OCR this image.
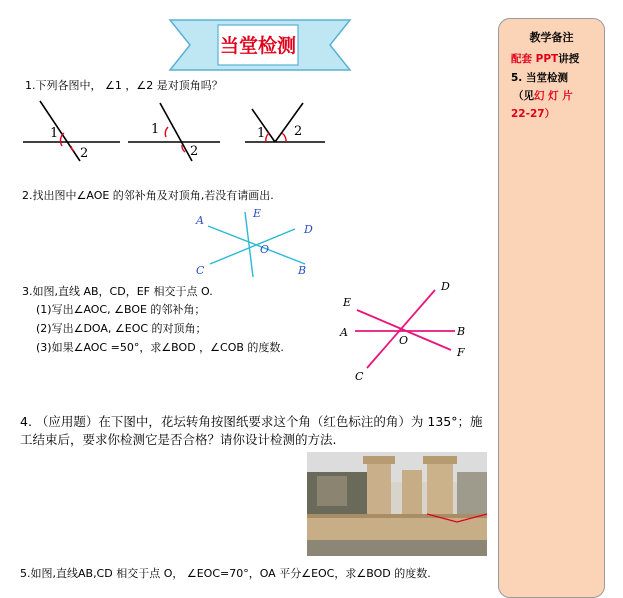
当堂检测
1.下列各图中， ∠1 ，∠2 是对顶角吗？
1
2
1
2
1 2
2.找出图中∠AOE 的邻补角及对顶角,若没有请画出.
A
E
D
O
C	B
3.如图,直线 AB，CD，EF 相交于点 O.
(1)写出∠AOC, ∠BOE 的邻补角；
(2)写出∠DOA, ∠EOC 的对顶角；
(3)如果∠AOC =50°，求∠BOD ，∠COB 的度数.
D
E
A	B
O
F
C
4. （应用题）在下图中，花坛转角按图纸要求这个角（红色标注的角）为 135°；施工结束后，要求你检测它是否合格？请你设计检测的方法.
5.如图,直线AB,CD 相交于点 O， ∠EOC=70°，OA 平分∠EOC，求∠BOD 的度数.
教学备注
配套 PPT讲授
5. 当堂检测
（见幻 灯 片
22-27）
